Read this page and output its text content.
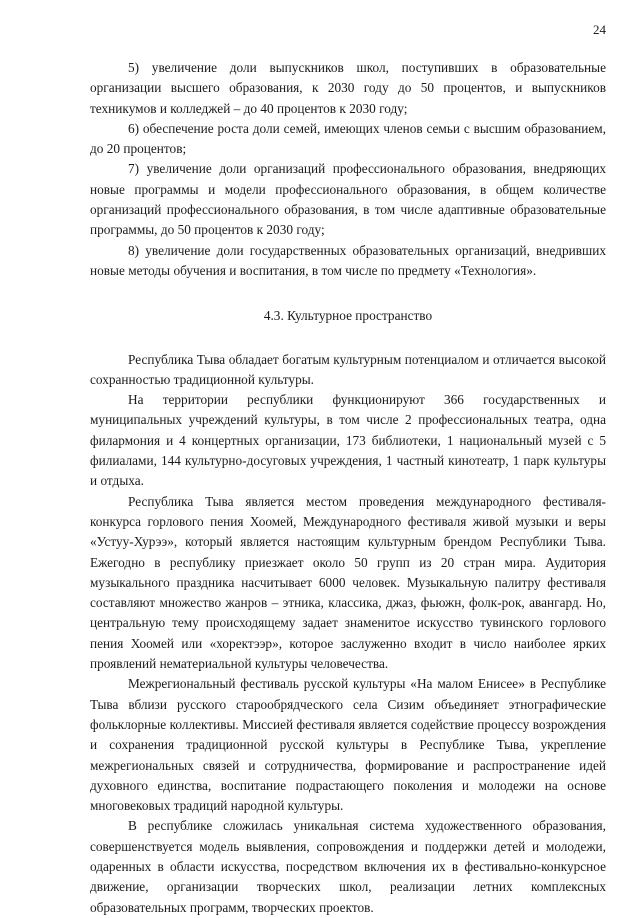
24

5) увеличение доли выпускников школ, поступивших в образовательные организации высшего образования, к 2030 году до 50 процентов, и выпускников техникумов и колледжей – до 40 процентов к 2030 году;

6) обеспечение роста доли семей, имеющих членов семьи с высшим образованием, до 20 процентов;

7) увеличение доли организаций профессионального образования, внедряющих новые программы и модели профессионального образования, в общем количестве организаций профессионального образования, в том числе адаптивные образовательные программы, до 50 процентов к 2030 году;

8) увеличение доли государственных образовательных организаций, внедривших новые методы обучения и воспитания, в том числе по предмету «Технология».

4.3. Культурное пространство

Республика Тыва обладает богатым культурным потенциалом и отличается высокой сохранностью традиционной культуры.

На территории республики функционируют 366 государственных и муниципальных учреждений культуры, в том числе 2 профессиональных театра, одна филармония и 4 концертных организации, 173 библиотеки, 1 национальный музей с 5 филиалами, 144 культурно-досуговых учреждения, 1 частный кинотеатр, 1 парк культуры и отдыха.

Республика Тыва является местом проведения международного фестиваля-конкурса горлового пения Хоомей, Международного фестиваля живой музыки и веры «Устуу-Хурээ», который является настоящим культурным брендом Республики Тыва. Ежегодно в республику приезжает около 50 групп из 20 стран мира. Аудитория музыкального праздника насчитывает 6000 человек. Музыкальную палитру фестиваля составляют множество жанров – этника, классика, джаз, фьюжн, фолк-рок, авангард. Но, центральную тему происходящему задает знаменитое искусство тувинского горлового пения Хоомей или «хоректээр», которое заслуженно входит в число наиболее ярких проявлений нематериальной культуры человечества.

Межрегиональный фестиваль русской культуры «На малом Енисее» в Республике Тыва вблизи русского старообрядческого села Сизим объединяет этнографические фольклорные коллективы. Миссией фестиваля является содействие процессу возрождения и сохранения традиционной русской культуры в Республике Тыва, укрепление межрегиональных связей и сотрудничества, формирование и распространение идей духовного единства, воспитание подрастающего поколения и молодежи на основе многовековых традиций народной культуры.

В республике сложилась уникальная система художественного образования, совершенствуется модель выявления, сопровождения и поддержки детей и молодежи, одаренных в области искусства, посредством включения их в фестивально-конкурсное движение, организации творческих школ, реализации летних комплексных образовательных программ, творческих проектов.
